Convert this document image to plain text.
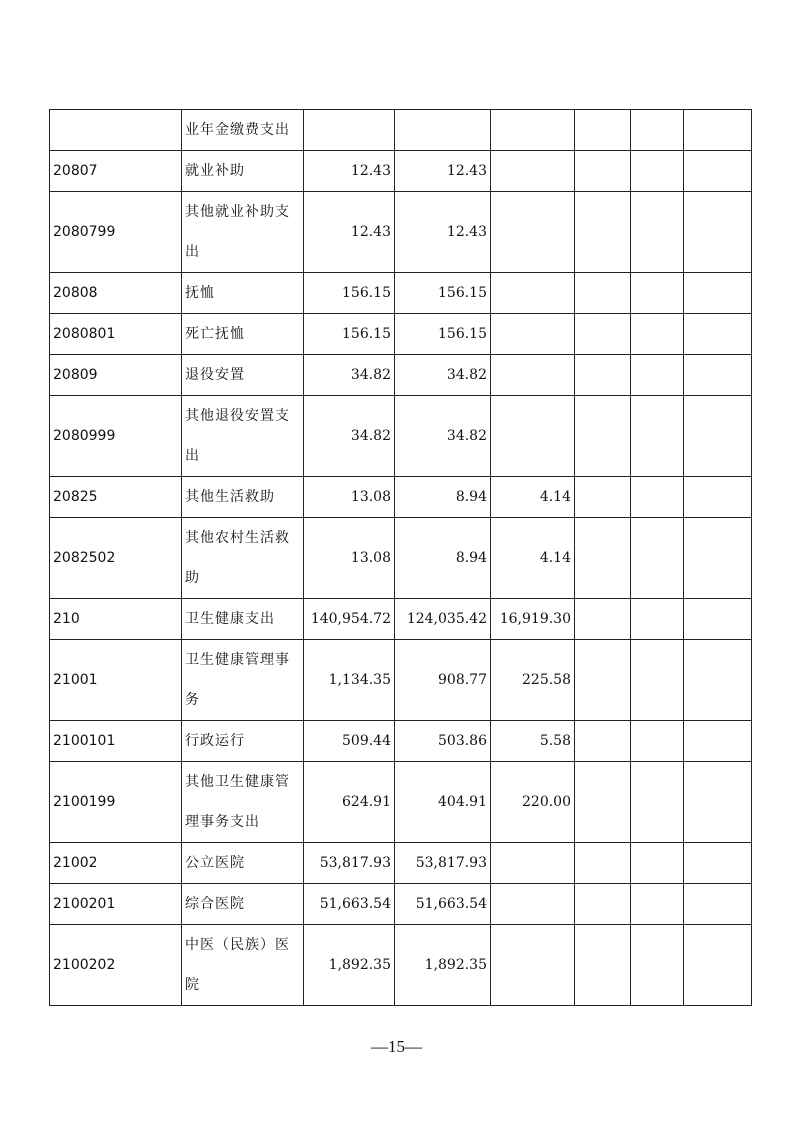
	业年金缴费支出						

20807	就业补助	12.43	12.43				
2080799	其他就业补助支
出	12.43	12.43				
20808	抚恤	156.15	156.15				
2080801	死亡抚恤	156.15	156.15				
20809	退役安置	34.82	34.82				
2080999	其他退役安置支
出	34.82	34.82				
20825	其他生活救助	13.08	8.94	4.14			
2082502	其他农村生活救
助	13.08	8.94	4.14			
210	卫生健康支出	140,954.72	124,035.42	16,919.30			
21001	卫生健康管理事
务	1,134.35	908.77	225.58			
2100101	行政运行	509.44	503.86	5.58			
2100199	其他卫生健康管
理事务支出	624.91	404.91	220.00			
21002	公立医院	53,817.93	53,817.93				
2100201	综合医院	51,663.54	51,663.54				
2100202	中医（民族）医
院	1,892.35	1,892.35				
—15—
